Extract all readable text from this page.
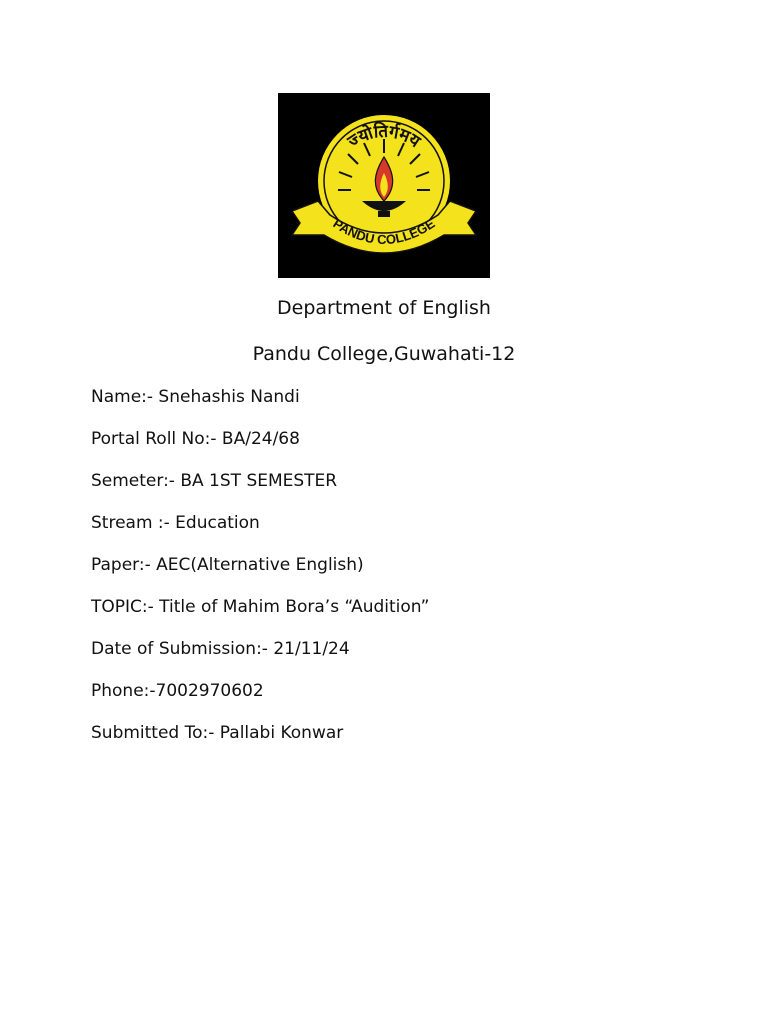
ज्योतिर्गमय
PANDU COLLEGE
Department of English
Pandu College,Guwahati-12
Name:- Snehashis Nandi
Portal Roll No:- BA/24/68
Semeter:- BA 1ST SEMESTER
Stream :- Education
Paper:- AEC(Alternative English)
TOPIC:- Title of Mahim Bora’s “Audition”
Date of Submission:- 21/11/24
Phone:-7002970602
Submitted To:- Pallabi Konwar
